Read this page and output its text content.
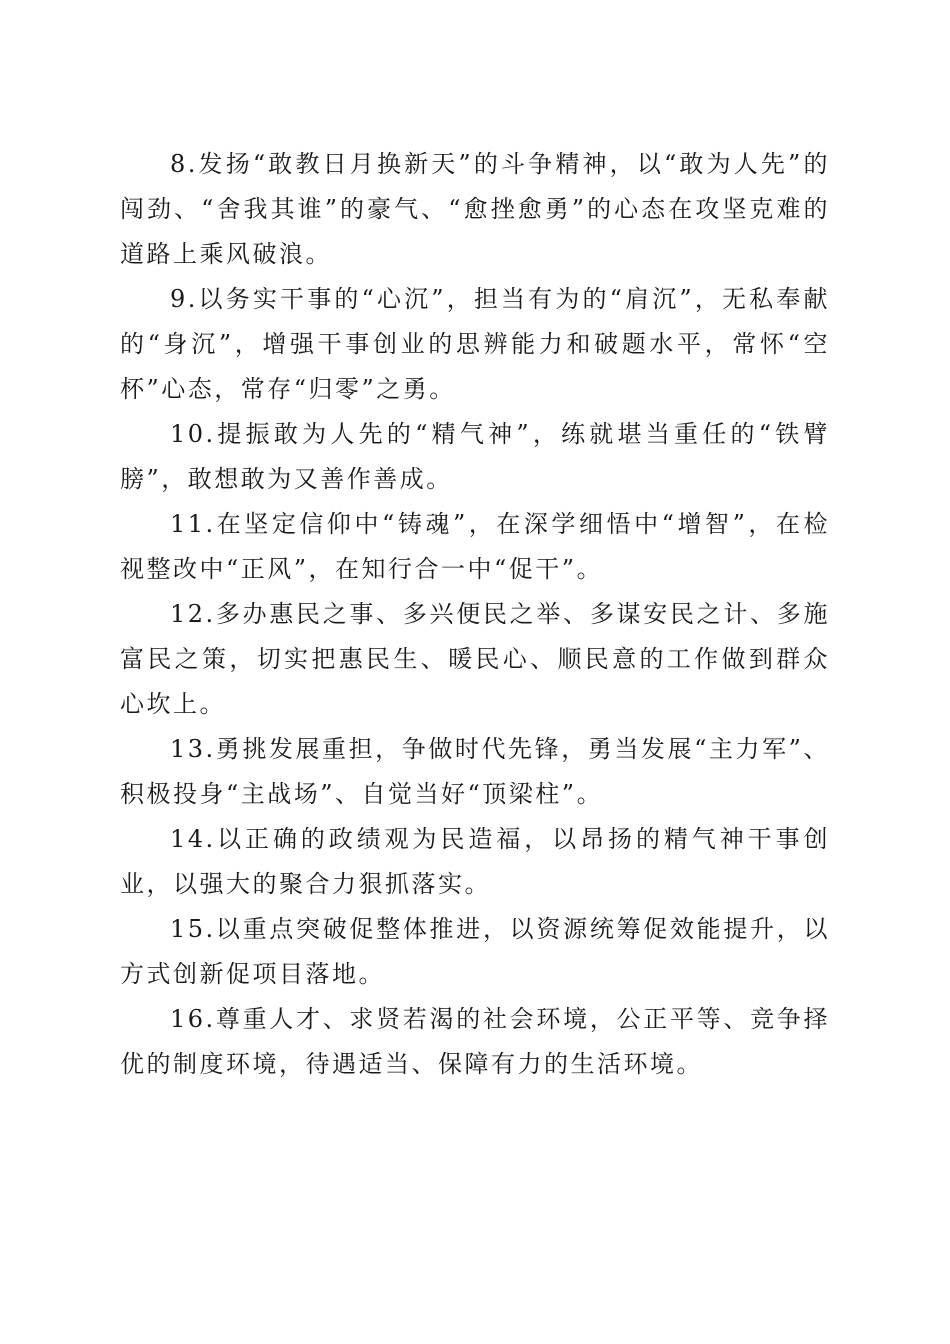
8.发扬“敢教日月换新天”的斗争精神，以“敢为人先”的闯劲、“舍我其谁”的豪气、“愈挫愈勇”的心态在攻坚克难的道路上乘风破浪。

9.以务实干事的“心沉”，担当有为的“肩沉”，无私奉献的“身沉”，增强干事创业的思辨能力和破题水平，常怀“空杯”心态，常存“归零”之勇。

10.提振敢为人先的“精气神”，练就堪当重任的“铁臂膀”，敢想敢为又善作善成。

11.在坚定信仰中“铸魂”，在深学细悟中“增智”，在检视整改中“正风”，在知行合一中“促干”。

12.多办惠民之事、多兴便民之举、多谋安民之计、多施富民之策，切实把惠民生、暖民心、顺民意的工作做到群众心坎上。

13.勇挑发展重担，争做时代先锋，勇当发展“主力军”、积极投身“主战场”、自觉当好“顶梁柱”。

14.以正确的政绩观为民造福，以昂扬的精气神干事创业，以强大的聚合力狠抓落实。

15.以重点突破促整体推进，以资源统筹促效能提升，以方式创新促项目落地。

16.尊重人才、求贤若渴的社会环境，公正平等、竞争择优的制度环境，待遇适当、保障有力的生活环境。
